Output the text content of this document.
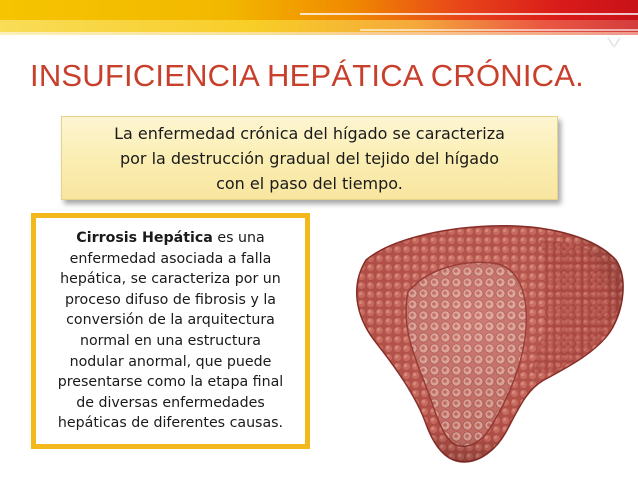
INSUFICIENCIA HEPÁTICA CRÓNICA.

La enfermedad crónica del hígado se caracteriza
por la destrucción gradual del tejido del hígado
con el paso del tiempo.

Cirrosis Hepática es una
enfermedad asociada a falla
hepática, se caracteriza por un
proceso difuso de fibrosis y la
conversión de la arquitectura
normal en una estructura
nodular anormal, que puede
presentarse como la etapa final
de diversas enfermedades
hepáticas de diferentes causas.
